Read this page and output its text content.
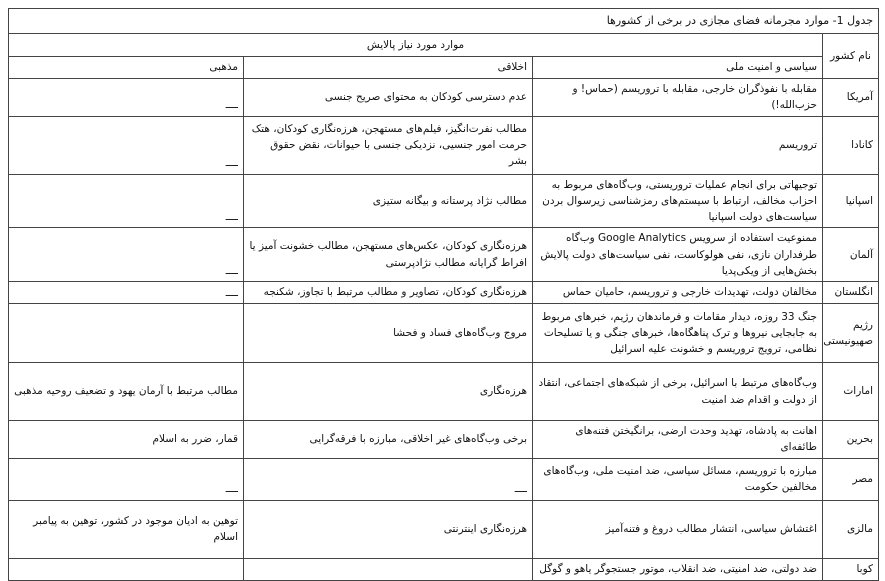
جدول 1- موارد مجرمانه فضای مجازی در برخی از کشورها			
نام کشور	موارد مورد نیاز پالایش		
	سیاسی و امنیت ملی	اخلاقی	مذهبی
آمریکا	مقابله با نفوذگران خارجی، مقابله با تروریسم (حماس! و حزب‌الله!)	عدم دسترسی کودکان به محتوای صریح جنسی	ــــ
کانادا	تروریسم	مطالب نفرت‌انگیز، فیلم‌های مستهجن، هرزه‌نگاری کودکان، هتک حرمت امور جنسیی، نزدیکی جنسی با حیوانات، نقض حقوق بشر	ــــ
اسپانیا	توجیهاتی برای انجام عملیات تروریستی، وب‌گاه‌های مربوط به احزاب مخالف، ارتباط با سیستم‌های رمزشناسی زیرسوال بردن سیاست‌های دولت اسپانیا	مطالب نژاد پرستانه و بیگانه ستیزی	ــــ
آلمان	ممنوعیت استفاده از سرویس Google Analytics وب‌گاه طرفداران نازی، نفی هولوکاست، نفی سیاست‌های دولت پالایش بخش‌هایی از ویکی‌پدیا	هرزه‌نگاری کودکان، عکس‌های مستهجن، مطالب خشونت آمیز یا افراط گرایانه مطالب نژادپرستی	ــــ
انگلستان	مخالفان دولت، تهدیدات خارجی و تروریسم، حامیان حماس	هرزه‌نگاری کودکان، تصاویر و مطالب مرتبط با تجاوز، شکنجه	ــــ
رژیم صهیونیستی	جنگ 33 روزه، دیدار مقامات و فرماندهان رژیم، خبرهای مربوط به جابجایی نیروها و ترک پناهگاه‌ها، خبرهای جنگی و یا تسلیحات نظامی، ترویج تروریسم و خشونت علیه اسرائیل	مروج وب‌گاه‌های فساد و فحشا	
امارات	وب‌گاه‌های مرتبط با اسرائیل، برخی از شبکه‌های اجتماعی، انتقاد از دولت و اقدام ضد امنیت	هرزه‌نگاری	مطالب مرتبط با آرمان یهود و تضعیف روحیه مذهبی
بحرین	اهانت به پادشاه، تهدید وحدت ارضی، برانگیختن فتنه‌های طائفه‌ای	برخی وب‌گاه‌های غیر اخلاقی، مبارزه با فرقه‌گرایی	قمار، ضرر به اسلام
مصر	مبارزه با تروریسم، مسائل سیاسی، ضد امنیت ملی، وب‌گاه‌های مخالفین حکومت	ــــ	ــــ
مالزی	اغتشاش سیاسی، انتشار مطالب دروغ و فتنه‌آمیز	هرزه‌نگاری اینترنتی	توهین به ادیان موجود در کشور، توهین به پیامبر اسلام
کوبا	ضد دولتی، ضد امنیتی، ضد انقلاب، موتور جستجوگر یاهو و گوگل		
